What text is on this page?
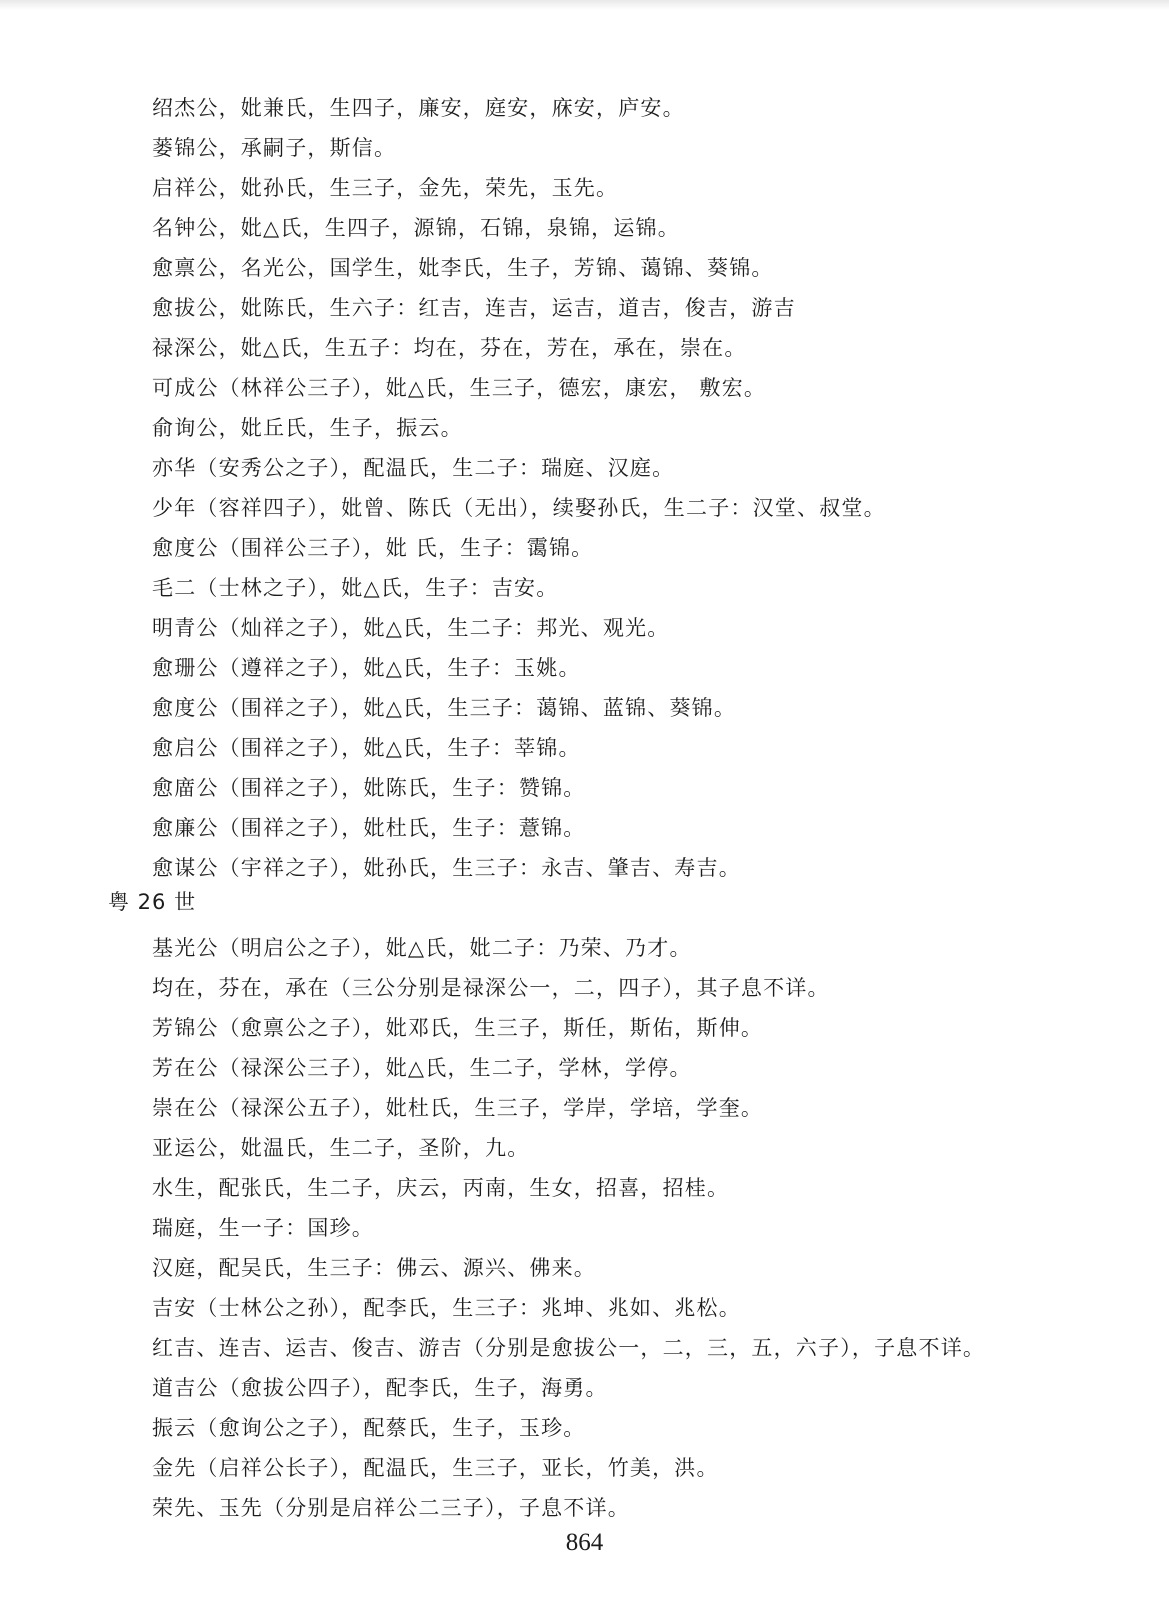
绍杰公，妣兼氏，生四子，廉安，庭安，庥安，庐安。
蒌锦公，承嗣子，斯信。
启祥公，妣孙氏，生三子，金先，荣先，玉先。
名钟公，妣△氏，生四子，源锦，石锦，泉锦，运锦。
愈禀公，名光公，国学生，妣李氏，生子，芳锦、蔼锦、葵锦。
愈拔公，妣陈氏，生六子：红吉，连吉，运吉，道吉，俊吉，游吉
禄深公，妣△氏，生五子：均在，芬在，芳在，承在，崇在。
可成公（林祥公三子），妣△氏，生三子，德宏，康宏， 敷宏。
俞询公，妣丘氏，生子，振云。
亦华（安秀公之子），配温氏，生二子：瑞庭、汉庭。
少年（容祥四子），妣曾、陈氏（无出），续娶孙氏，生二子：汉堂、叔堂。
愈度公（围祥公三子），妣 氏，生子：霭锦。
毛二（士林之子），妣△氏，生子：吉安。
明青公（灿祥之子），妣△氏，生二子：邦光、观光。
愈珊公（遵祥之子），妣△氏，生子：玉姚。
愈度公（围祥之子），妣△氏，生三子：蔼锦、蓝锦、葵锦。
愈启公（围祥之子），妣△氏，生子：莘锦。
愈庿公（围祥之子），妣陈氏，生子：赞锦。
愈廉公（围祥之子），妣杜氏，生子：薏锦。
愈谋公（宇祥之子），妣孙氏，生三子：永吉、肇吉、寿吉。
粤 26 世
基光公（明启公之子），妣△氏，妣二子：乃荣、乃才。
均在，芬在，承在（三公分别是禄深公一，二，四子），其子息不详。
芳锦公（愈禀公之子），妣邓氏，生三子，斯任，斯佑，斯伸。
芳在公（禄深公三子），妣△氏，生二子，学林，学停。
崇在公（禄深公五子），妣杜氏，生三子，学岸，学培，学奎。
亚运公，妣温氏，生二子，圣阶，九。
水生，配张氏，生二子，庆云，丙南，生女，招喜，招桂。
瑞庭，生一子：国珍。
汉庭，配吴氏，生三子：佛云、源兴、佛来。
吉安（士林公之孙），配李氏，生三子：兆坤、兆如、兆松。
红吉、连吉、运吉、俊吉、游吉（分别是愈拔公一，二，三，五，六子），子息不详。
道吉公（愈拔公四子），配李氏，生子，海勇。
振云（愈询公之子），配蔡氏，生子，玉珍。
金先（启祥公长子），配温氏，生三子，亚长，竹美，洪。
荣先、玉先（分别是启祥公二三子），子息不详。
864
